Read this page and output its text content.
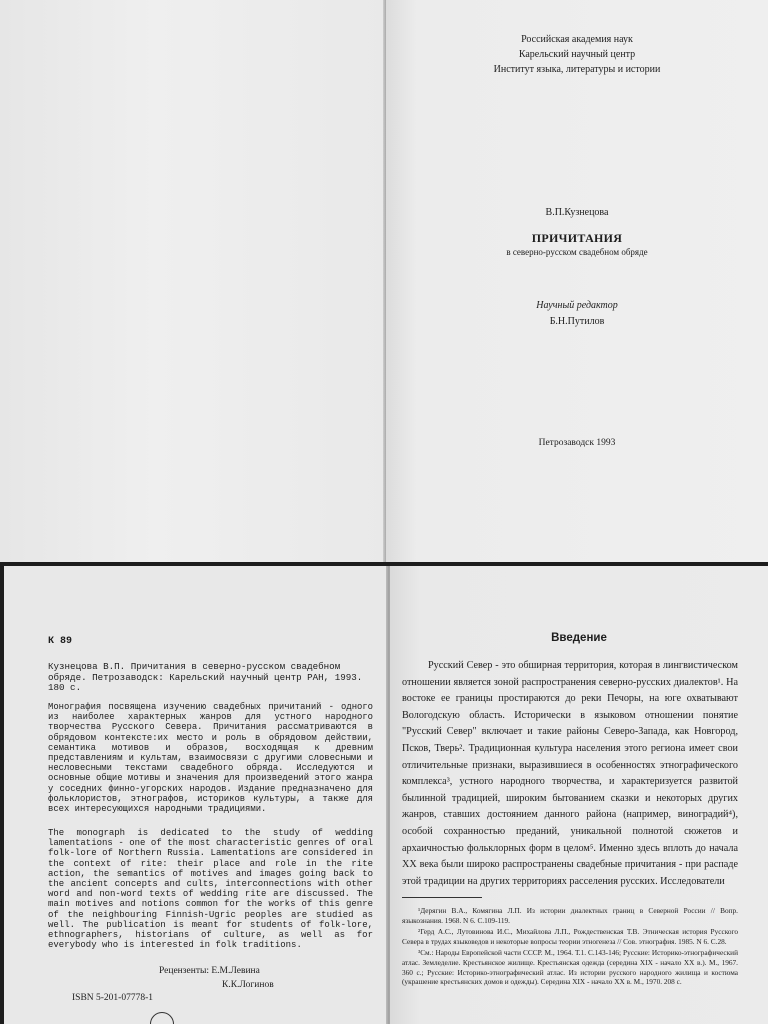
Российская академия наук
Карельский научный центр
Институт языка, литературы и истории
В.П.Кузнецова
ПРИЧИТАНИЯ
в северно-русском свадебном обряде
Научный редактор
Б.Н.Путилов
Петрозаводск 1993
К 89
Кузнецова В.П. Причитания в северно-русском свадебном обряде. Петрозаводск: Карельский научный центр РАН, 1993. 180 с.
Монография посвящена изучению свадебных причитаний - одного из наиболее характерных жанров для устного народного творчества Русского Севера. Причитания рассматриваются в обрядовом контексте:их место и роль в обрядовом действии, семантика мотивов и образов, восходящая к древним представлениям и культам, взаимосвязи с другими словесными и несловесными текстами свадебного обряда. Исследуются и основные общие мотивы и значения для произведений этого жанра у соседних финно-угорских народов. Издание предназначено для фольклористов, этнографов, историков культуры, а также для всех интересующихся народными традициями.
The monograph is dedicated to the study of wedding lamentations - one of the most characteristic genres of oral folk-lore of Northern Russia. Lamentations are considered in the context of rite: their place and role in the rite action, the semantics of motives and images going back to the ancient concepts and cults, interconnections with other word and non-word texts of wedding rite are discussed. The main motives and notions common for the works of this genre of the neighbouring Finnish-Ugric peoples are studied as well. The publication is meant for students of folk-lore, ethnographers, historians of culture, as well as for everybody who is interested in folk traditions.
Рецензенты: Е.М.Левина
К.К.Логинов
ISBN 5-201-07778-1
Введение

Русский Север - это обширная территория, которая в лингвистическом отношении является зоной распространения северно-русских диалектов¹. На востоке ее границы простираются до реки Печоры, на юге охватывают Вологодскую область. Исторически в языковом отношении понятие "Русский Север" включает и такие районы Северо-Запада, как Новгород, Псков, Тверь². Традиционная культура населения этого региона имеет свои отличительные признаки, выразившиеся в особенностях этнографического комплекса³, устного народного творчества, и характеризуется развитой былинной традицией, широким бытованием сказки и некоторых других жанров, ставших достоянием данного района (например, виноградий⁴), особой сохранностью преданий, уникальной полнотой сюжетов и архаичностью фольклорных форм в целом⁵. Именно здесь вплоть до начала XX века были широко распространены свадебные причитания - при распаде этой традиции на других территориях расселения русских. Исследователи

¹Дерягин В.А., Комягина Л.П. Из истории диалектных границ в Северной России // Вопр. языкознания. 1968. N 6. С.109-119.

²Герд А.С., Лутовинова И.С., Михайлова Л.П., Рождественская Т.В. Этническая история Русского Севера в трудах языковедов и некоторые вопросы теории этногенеза // Сов. этнография. 1985. N 6. С.28.

³См.: Народы Европейской части СССР. М., 1964. Т.1. С.143-146; Русские: Историко-этнографический атлас. Земледелие. Крестьянское жилище. Крестьянская одежда (середина XIX - начало XX в.). М., 1967. 360 с.; Русские: Историко-этнографический атлас. Из истории русского народного жилища и костюма (украшение крестьянских домов и одежды). Середина XIX - начало XX в. М., 1970. 208 с.
